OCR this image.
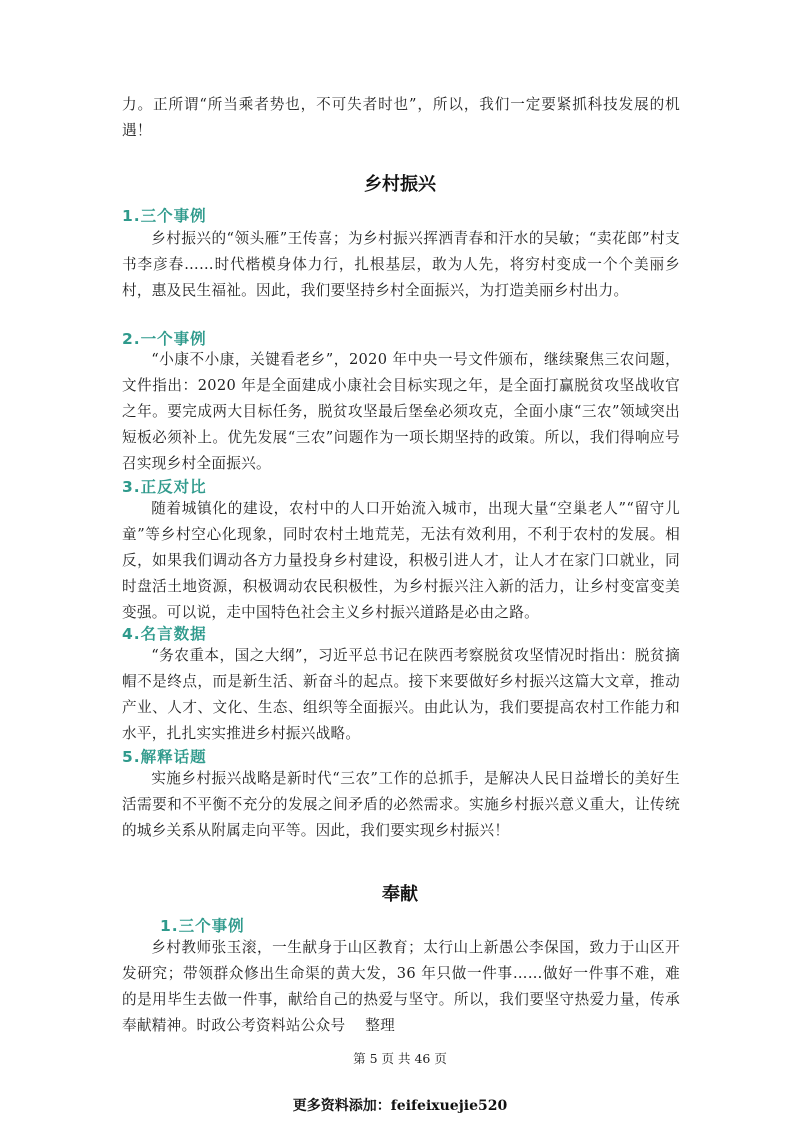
力。正所谓“所当乘者势也，不可失者时也”，所以，我们一定要紧抓科技发展的机遇！

乡村振兴
1.三个事例

乡村振兴的“领头雁”王传喜；为乡村振兴挥洒青春和汗水的吴敏；“卖花郎”村支书李彦春……时代楷模身体力行，扎根基层，敢为人先，将穷村变成一个个美丽乡村，惠及民生福祉。因此，我们要坚持乡村全面振兴，为打造美丽乡村出力。

2.一个事例

“小康不小康，关键看老乡”，2020 年中央一号文件颁布，继续聚焦三农问题，文件指出：2020 年是全面建成小康社会目标实现之年，是全面打赢脱贫攻坚战收官之年。要完成两大目标任务，脱贫攻坚最后堡垒必须攻克，全面小康“三农”领域突出短板必须补上。优先发展“三农”问题作为一项长期坚持的政策。所以，我们得响应号召实现乡村全面振兴。

3.正反对比

随着城镇化的建设，农村中的人口开始流入城市，出现大量“空巢老人”“留守儿童”等乡村空心化现象，同时农村土地荒芜，无法有效利用，不利于农村的发展。相反，如果我们调动各方力量投身乡村建设，积极引进人才，让人才在家门口就业，同时盘活土地资源，积极调动农民积极性，为乡村振兴注入新的活力，让乡村变富变美变强。可以说，走中国特色社会主义乡村振兴道路是必由之路。

4.名言数据

“务农重本，国之大纲”，习近平总书记在陕西考察脱贫攻坚情况时指出：脱贫摘帽不是终点，而是新生活、新奋斗的起点。接下来要做好乡村振兴这篇大文章，推动产业、人才、文化、生态、组织等全面振兴。由此认为，我们要提高农村工作能力和水平，扎扎实实推进乡村振兴战略。

5.解释话题

实施乡村振兴战略是新时代“三农”工作的总抓手，是解决人民日益增长的美好生活需要和不平衡不充分的发展之间矛盾的必然需求。实施乡村振兴意义重大，让传统的城乡关系从附属走向平等。因此，我们要实现乡村振兴！

奉献
1.三个事例

乡村教师张玉滚，一生献身于山区教育；太行山上新愚公李保国，致力于山区开发研究；带领群众修出生命渠的黄大发，36 年只做一件事……做好一件事不难，难的是用毕生去做一件事，献给自己的热爱与坚守。所以，我们要坚守热爱力量，传承奉献精神。时政公考资料站公众号　 整理

第 5 页 共 46 页
更多资料添加：feifeixuejie520
